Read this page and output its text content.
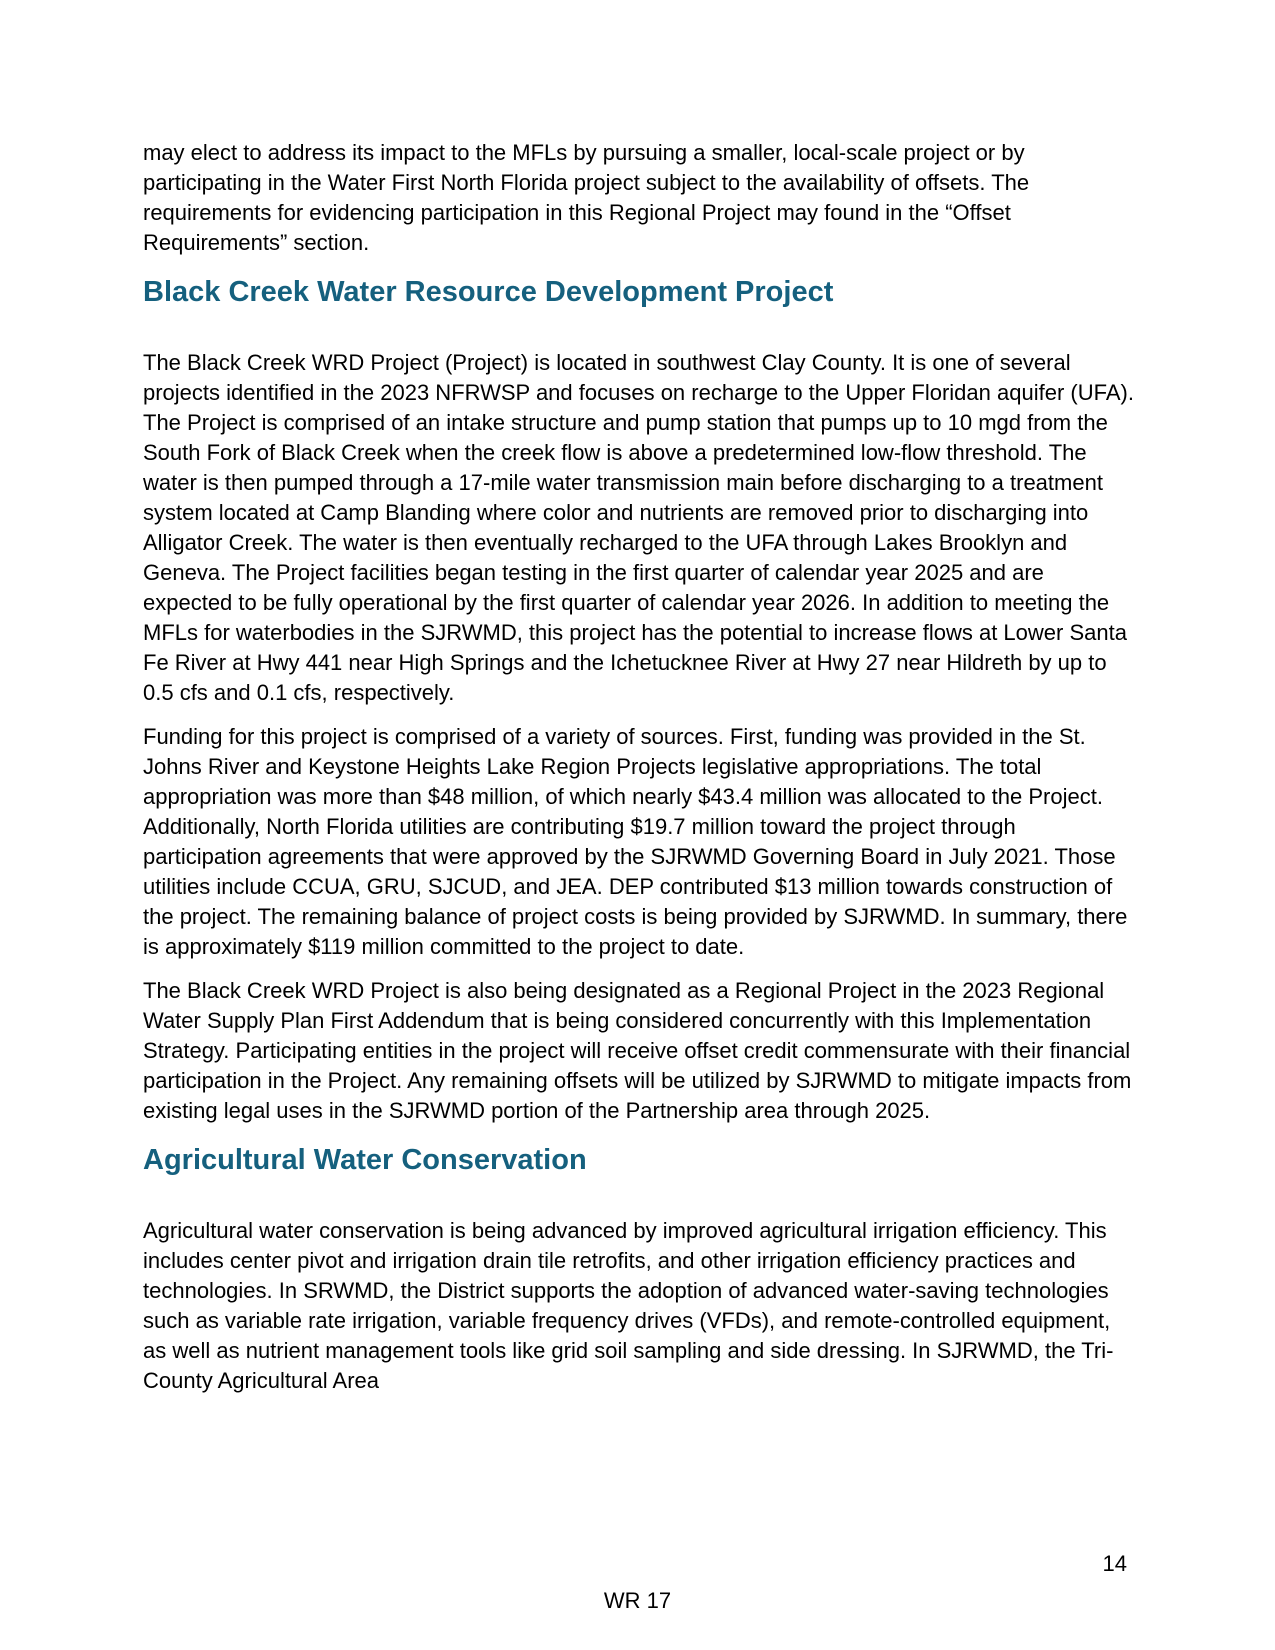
may elect to address its impact to the MFLs by pursuing a smaller, local-scale project or by participating in the Water First North Florida project subject to the availability of offsets. The requirements for evidencing participation in this Regional Project may found in the “Offset Requirements” section.

Black Creek Water Resource Development Project

The Black Creek WRD Project (Project) is located in southwest Clay County. It is one of several projects identified in the 2023 NFRWSP and focuses on recharge to the Upper Floridan aquifer (UFA). The Project is comprised of an intake structure and pump station that pumps up to 10 mgd from the South Fork of Black Creek when the creek flow is above a predetermined low-flow threshold. The water is then pumped through a 17-mile water transmission main before discharging to a treatment system located at Camp Blanding where color and nutrients are removed prior to discharging into Alligator Creek. The water is then eventually recharged to the UFA through Lakes Brooklyn and Geneva. The Project facilities began testing in the first quarter of calendar year 2025 and are expected to be fully operational by the first quarter of calendar year 2026. In addition to meeting the MFLs for waterbodies in the SJRWMD, this project has the potential to increase flows at Lower Santa Fe River at Hwy 441 near High Springs and the Ichetucknee River at Hwy 27 near Hildreth by up to 0.5 cfs and 0.1 cfs, respectively.

Funding for this project is comprised of a variety of sources. First, funding was provided in the St. Johns River and Keystone Heights Lake Region Projects legislative appropriations. The total appropriation was more than $48 million, of which nearly $43.4 million was allocated to the Project. Additionally, North Florida utilities are contributing $19.7 million toward the project through participation agreements that were approved by the SJRWMD Governing Board in July 2021. Those utilities include CCUA, GRU, SJCUD, and JEA. DEP contributed $13 million towards construction of the project. The remaining balance of project costs is being provided by SJRWMD. In summary, there is approximately $119 million committed to the project to date.

The Black Creek WRD Project is also being designated as a Regional Project in the 2023 Regional Water Supply Plan First Addendum that is being considered concurrently with this Implementation Strategy. Participating entities in the project will receive offset credit commensurate with their financial participation in the Project. Any remaining offsets will be utilized by SJRWMD to mitigate impacts from existing legal uses in the SJRWMD portion of the Partnership area through 2025.

Agricultural Water Conservation

Agricultural water conservation is being advanced by improved agricultural irrigation efficiency. This includes center pivot and irrigation drain tile retrofits, and other irrigation efficiency practices and technologies. In SRWMD, the District supports the adoption of advanced water-saving technologies such as variable rate irrigation, variable frequency drives (VFDs), and remote-controlled equipment, as well as nutrient management tools like grid soil sampling and side dressing. In SJRWMD, the Tri-County Agricultural Area

14
WR 17
